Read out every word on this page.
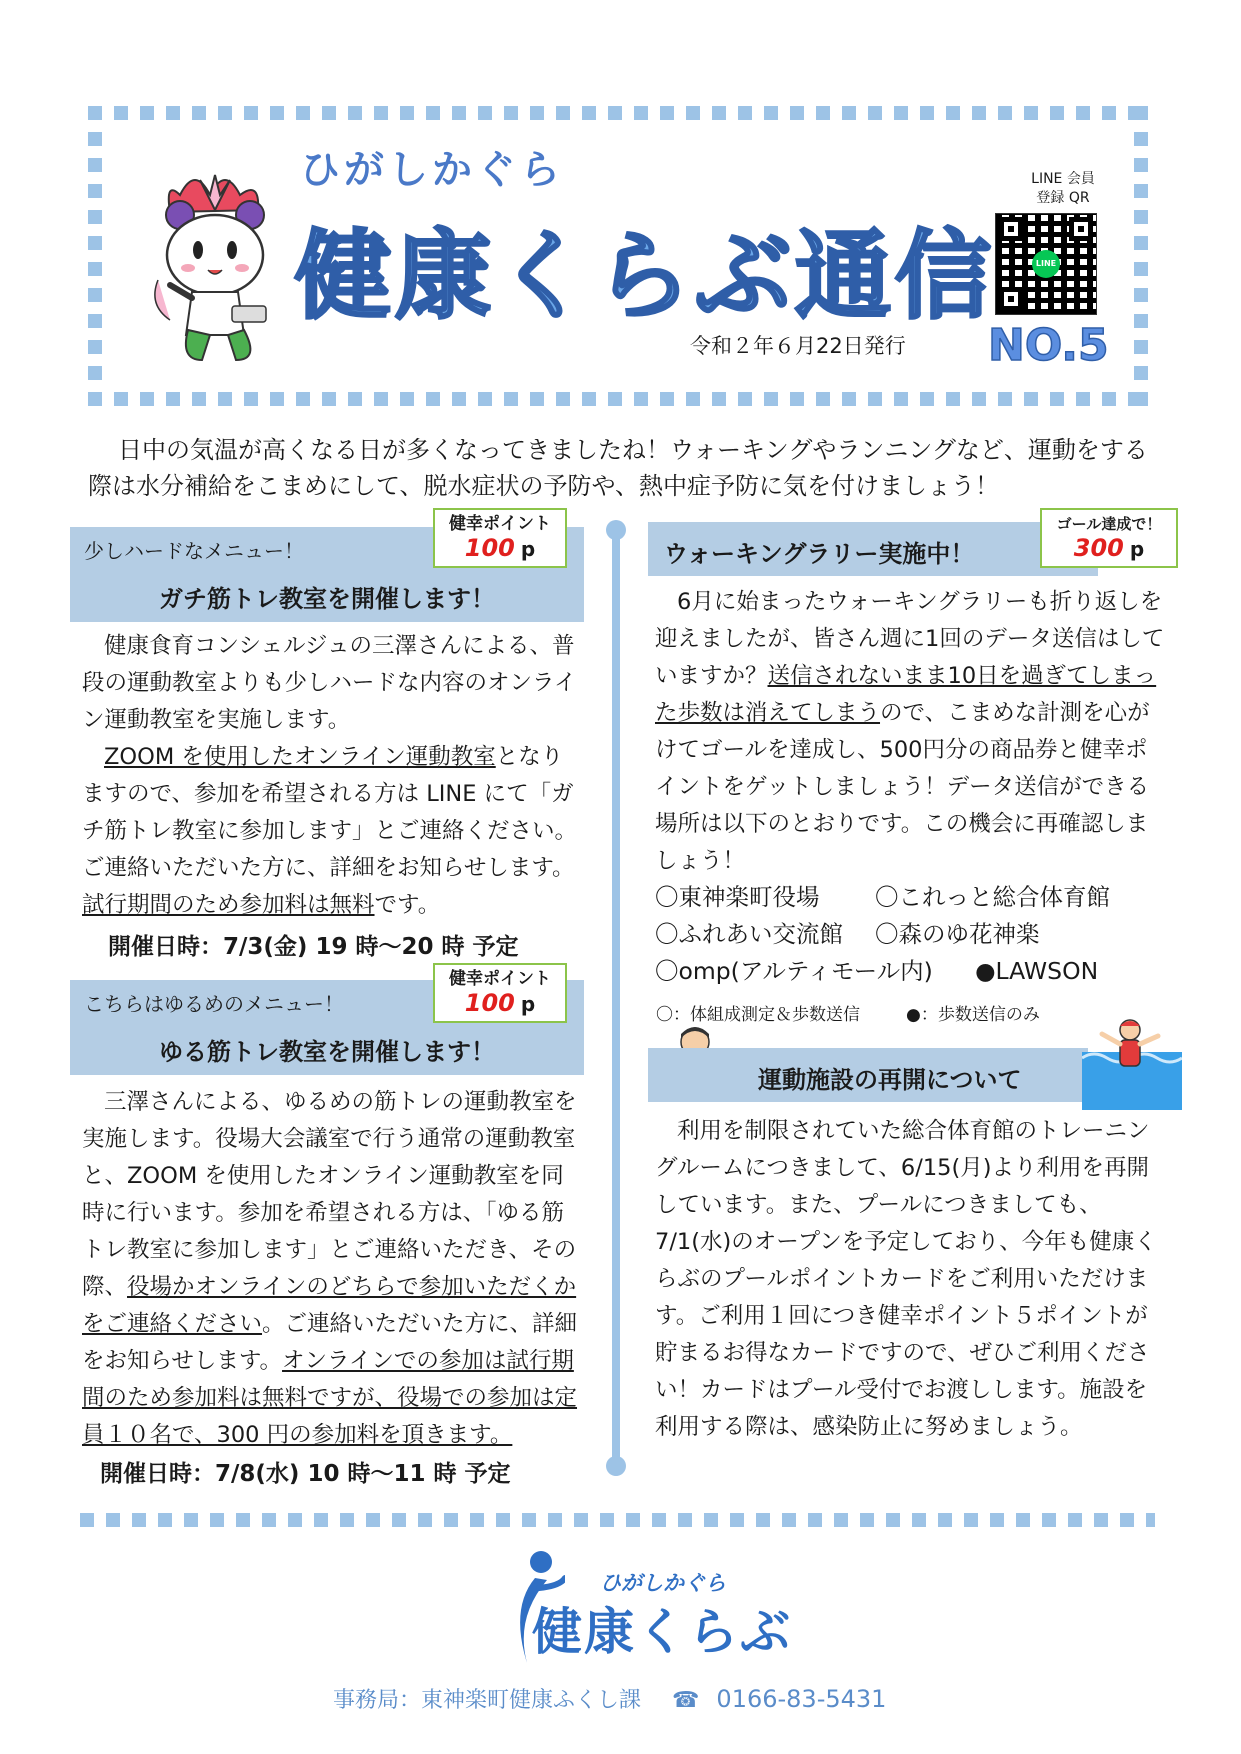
ひがしかぐら
健康くらぶ通信
令和２年６月22日発行 NO.5
LINE 会員
登録 QR
LINE
日中の気温が高くなる日が多くなってきましたね！ウォーキングやランニングなど、運動をする際は水分補給をこまめにして、脱水症状の予防や、熱中症予防に気を付けましょう！
少しハードなメニュー！
ガチ筋トレ教室を開催します！
健幸ポイント
100 p

健康食育コンシェルジュの三澤さんによる、普段の運動教室よりも少しハードな内容のオンライン運動教室を実施します。

ZOOM を使用したオンライン運動教室となりますので、参加を希望される方は LINE にて「ガチ筋トレ教室に参加します」とご連絡ください。ご連絡いただいた方に、詳細をお知らせします。試行期間のため参加料は無料です。

開催日時：7/3(金) 19 時～20 時 予定
こちらはゆるめのメニュー！
ゆる筋トレ教室を開催します！
健幸ポイント
100 p

三澤さんによる、ゆるめの筋トレの運動教室を実施します。役場大会議室で行う通常の運動教室と、ZOOM を使用したオンライン運動教室を同時に行います。参加を希望される方は、「ゆる筋トレ教室に参加します」とご連絡いただき、その際、役場かオンラインのどちらで参加いただくかをご連絡ください。ご連絡いただいた方に、詳細をお知らせします。オンラインでの参加は試行期間のため参加料は無料ですが、役場での参加は定員１０名で、300 円の参加料を頂きます。

開催日時：7/8(水) 10 時～11 時 予定
ウォーキングラリー実施中！
ゴール達成で！
300 p

6月に始まったウォーキングラリーも折り返しを迎えましたが、皆さん週に1回のデータ送信はしていますか？送信されないまま10日を過ぎてしまった歩数は消えてしまうので、こまめな計測を心がけてゴールを達成し、500円分の商品券と健幸ポイントをゲットしましょう！データ送信ができる場所は以下のとおりです。この機会に再確認しましょう！

〇東神楽町役場 〇これっと総合体育館
〇ふれあい交流館 〇森のゆ花神楽
〇omp(アルティモール内) ●LAWSON
〇：体組成測定＆歩数送信	●：歩数送信のみ
運動施設の再開について

利用を制限されていた総合体育館のトレーニングルームにつきまして、6/15(月)より利用を再開しています。また、プールにつきましても、7/1(水)のオープンを予定しており、今年も健康くらぶのプールポイントカードをご利用いただけます。ご利用１回につき健幸ポイント５ポイントが貯まるお得なカードですので、ぜひご利用ください！カードはプール受付でお渡しします。施設を利用する際は、感染防止に努めましょう。

ひがしかぐら
健康くらぶ
事務局：東神楽町健康ふくし課 ☎ 0166-83-5431
